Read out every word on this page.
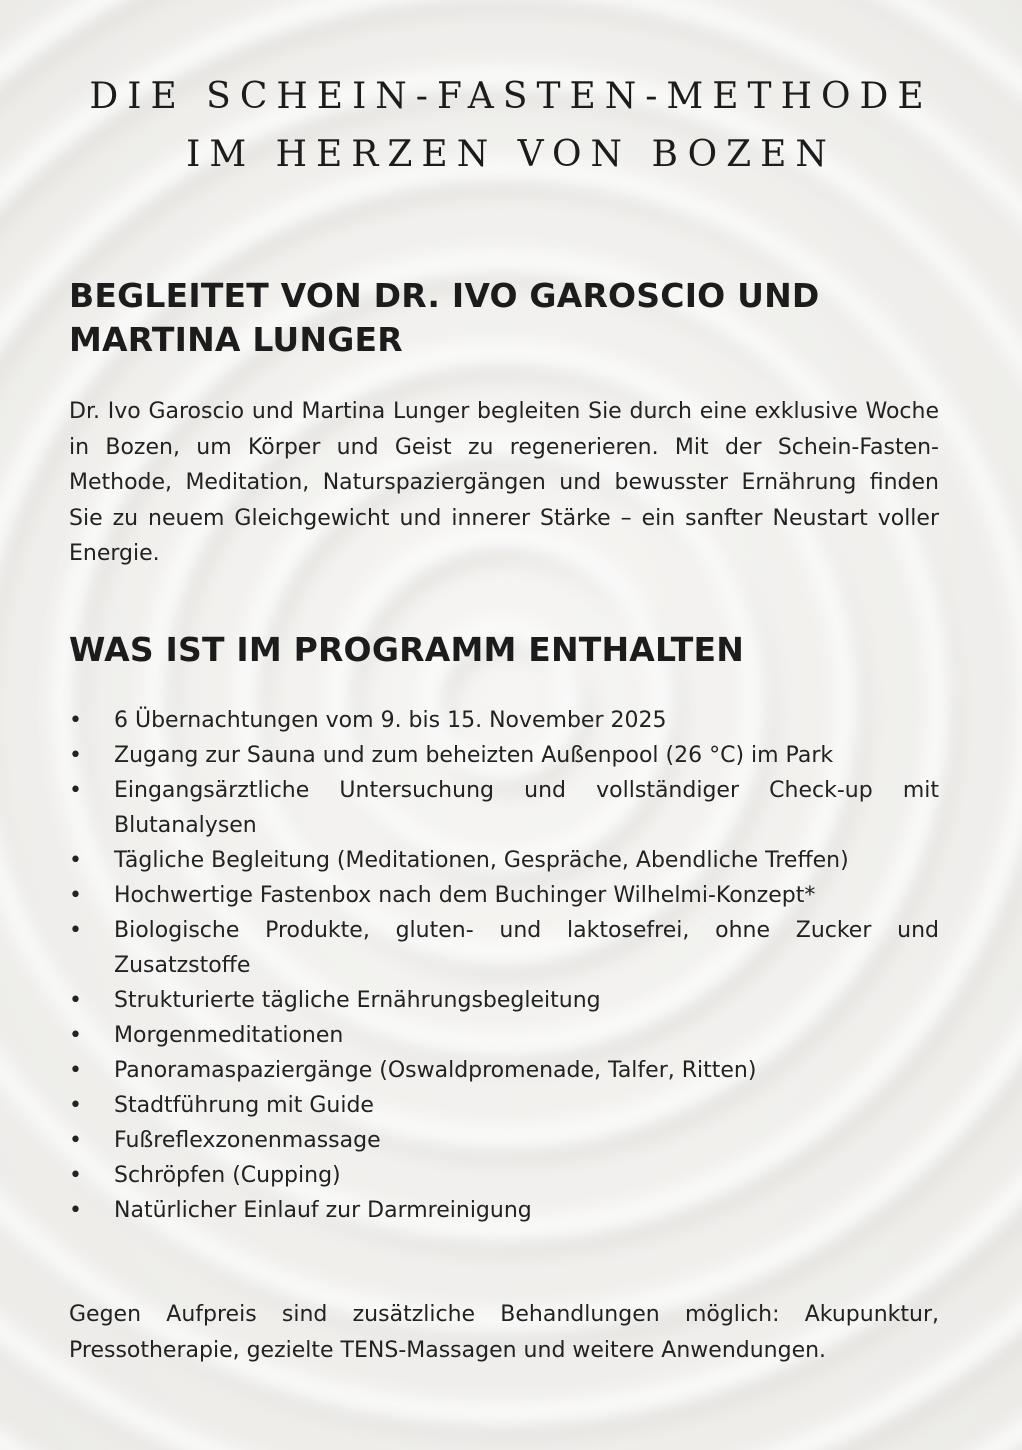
DIE SCHEIN-FASTEN-METHODE
IM HERZEN VON BOZEN
BEGLEITET VON DR. IVO GAROSCIO UND MARTINA LUNGER

Dr. Ivo Garoscio und Martina Lunger begleiten Sie durch eine exklusive Woche in Bozen, um Körper und Geist zu regenerieren. Mit der Schein-Fasten-Methode, Meditation, Naturspaziergängen und bewusster Ernährung finden Sie zu neuem Gleichgewicht und innerer Stärke – ein sanfter Neustart voller Energie.

WAS IST IM PROGRAMM ENTHALTEN
•	6 Übernachtungen vom 9. bis 15. November 2025
•	Zugang zur Sauna und zum beheizten Außenpool (26 °C) im Park
•	Eingangsärztliche Untersuchung und vollständiger Check-up mit Blutanalysen
•	Tägliche Begleitung (Meditationen, Gespräche, Abendliche Treffen)
•	Hochwertige Fastenbox nach dem Buchinger Wilhelmi-Konzept*
•	Biologische Produkte, gluten- und laktosefrei, ohne Zucker und Zusatzstoffe
•	Strukturierte tägliche Ernährungsbegleitung
•	Morgenmeditationen
•	Panoramaspaziergänge (Oswaldpromenade, Talfer, Ritten)
•	Stadtführung mit Guide
•	Fußreflexzonenmassage
•	Schröpfen (Cupping)
•	Natürlicher Einlauf zur Darmreinigung

Gegen Aufpreis sind zusätzliche Behandlungen möglich: Akupunktur, Pressotherapie, gezielte TENS-Massagen und weitere Anwendungen.
